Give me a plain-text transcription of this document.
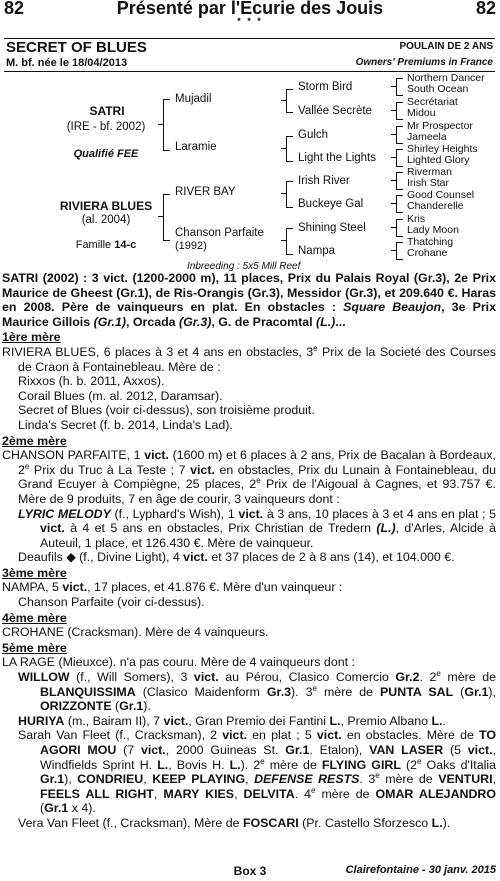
82	Présenté par l'Ecurie des Jouis
* * *
82
SECRET OF BLUES	POULAIN DE 2 ANS
M. bf. née le 18/04/2013	Owners' Premiums in France
SATRI
(IRE - bf. 2002)
Qualifié FEE
RIVIERA BLUES
(al. 2004)
Famille 14-c
Mujadil
Laramie
RIVER BAY
Chanson Parfaite
(1992)
Storm Bird
Vallée Secrète
Gulch
Light the Lights
Irish River
Buckeye Gal
Shining Steel
Nampa
Northern Dancer
South Ocean
Secrétariat
Midou
Mr Prospector
Jameela
Shirley Heights
Lighted Glory
Riverman
Irish Star
Good Counsel
Chanderelle
Kris
Lady Moon
Thatching
Crohane
Inbreeding : 5x5 Mill Reef

SATRI (2002) : 3 vict. (1200-2000 m), 11 places, Prix du Palais Royal (Gr.3), 2e Prix Maurice de Gheest (Gr.1), de Ris-Orangis (Gr.3), Messidor (Gr.3), et 209.640 €. Haras en 2008. Père de vainqueurs en plat. En obstacles : Square Beaujon, 3e Prix Maurice Gillois (Gr.1), Orcada (Gr.3), G. de Pracomtal (L.)...

1ère mère

RIVIERA BLUES, 6 places à 3 et 4 ans en obstacles, 3e Prix de la Societé des Courses de Craon à Fontainebleau. Mère de :

Rixxos (h. b. 2011, Axxos).

Corail Blues (m. al. 2012, Daramsar).

Secret of Blues (voir ci-dessus), son troisième produit.

Linda's Secret (f. b. 2014, Linda's Lad).

2ème mère

CHANSON PARFAITE, 1 vict. (1600 m) et 6 places à 2 ans, Prix de Bacalan à Bordeaux, 2e Prix du Truc à La Teste ; 7 vict. en obstacles, Prix du Lunain à Fontainebleau, du Grand Ecuyer à Compiègne, 25 places, 2e Prix de l'Aigoual à Cagnes, et 93.757 €. Mère de 9 produits, 7 en âge de courir, 3 vainqueurs dont :

LYRIC MELODY (f., Lyphard's Wish), 1 vict. à 3 ans, 10 places à 3 et 4 ans en plat ; 5 vict. à 4 et 5 ans en obstacles, Prix Christian de Tredern (L.), d'Arles, Alcide à Auteuil, 1 place, et 126.430 €. Mère de vainqueur.

Deaufils ◆ (f., Divine Light), 4 vict. et 37 places de 2 à 8 ans (14), et 104.000 €.

3ème mère

NAMPA, 5 vict., 17 places, et 41.876 €. Mère d'un vainqueur :

Chanson Parfaite (voir ci-dessus).

4ème mère

CROHANE (Cracksman). Mère de 4 vainqueurs.

5ème mère

LA RAGE (Mieuxce). n'a pas couru. Mère de 4 vainqueurs dont :

WILLOW (f., Will Somers), 3 vict. au Pérou, Clasico Comercio Gr.2. 2e mère de BLANQUISSIMA (Clasico Maidenform Gr.3). 3e mère de PUNTA SAL (Gr.1), ORIZZONTE (Gr.1).

HURIYA (m., Bairam II), 7 vict., Gran Premio dei Fantini L., Premio Albano L..

Sarah Van Fleet (f., Cracksman), 2 vict. en plat ; 5 vict. en obstacles. Mère de TO AGORI MOU (7 vict., 2000 Guineas St. Gr.1. Etalon), VAN LASER (5 vict., Windfields Sprint H. L., Bovis H. L.). 2e mère de FLYING GIRL (2e Oaks d'Italia Gr.1), CONDRIEU, KEEP PLAYING, DEFENSE RESTS. 3e mère de VENTURI, FEELS ALL RIGHT, MARY KIES, DELVITA. 4e mère de OMAR ALEJANDRO (Gr.1 x 4).

Vera Van Fleet (f., Cracksman), Mère de FOSCARI (Pr. Castello Sforzesco L.).

Box 3	Clairefontaine - 30 janv. 2015
